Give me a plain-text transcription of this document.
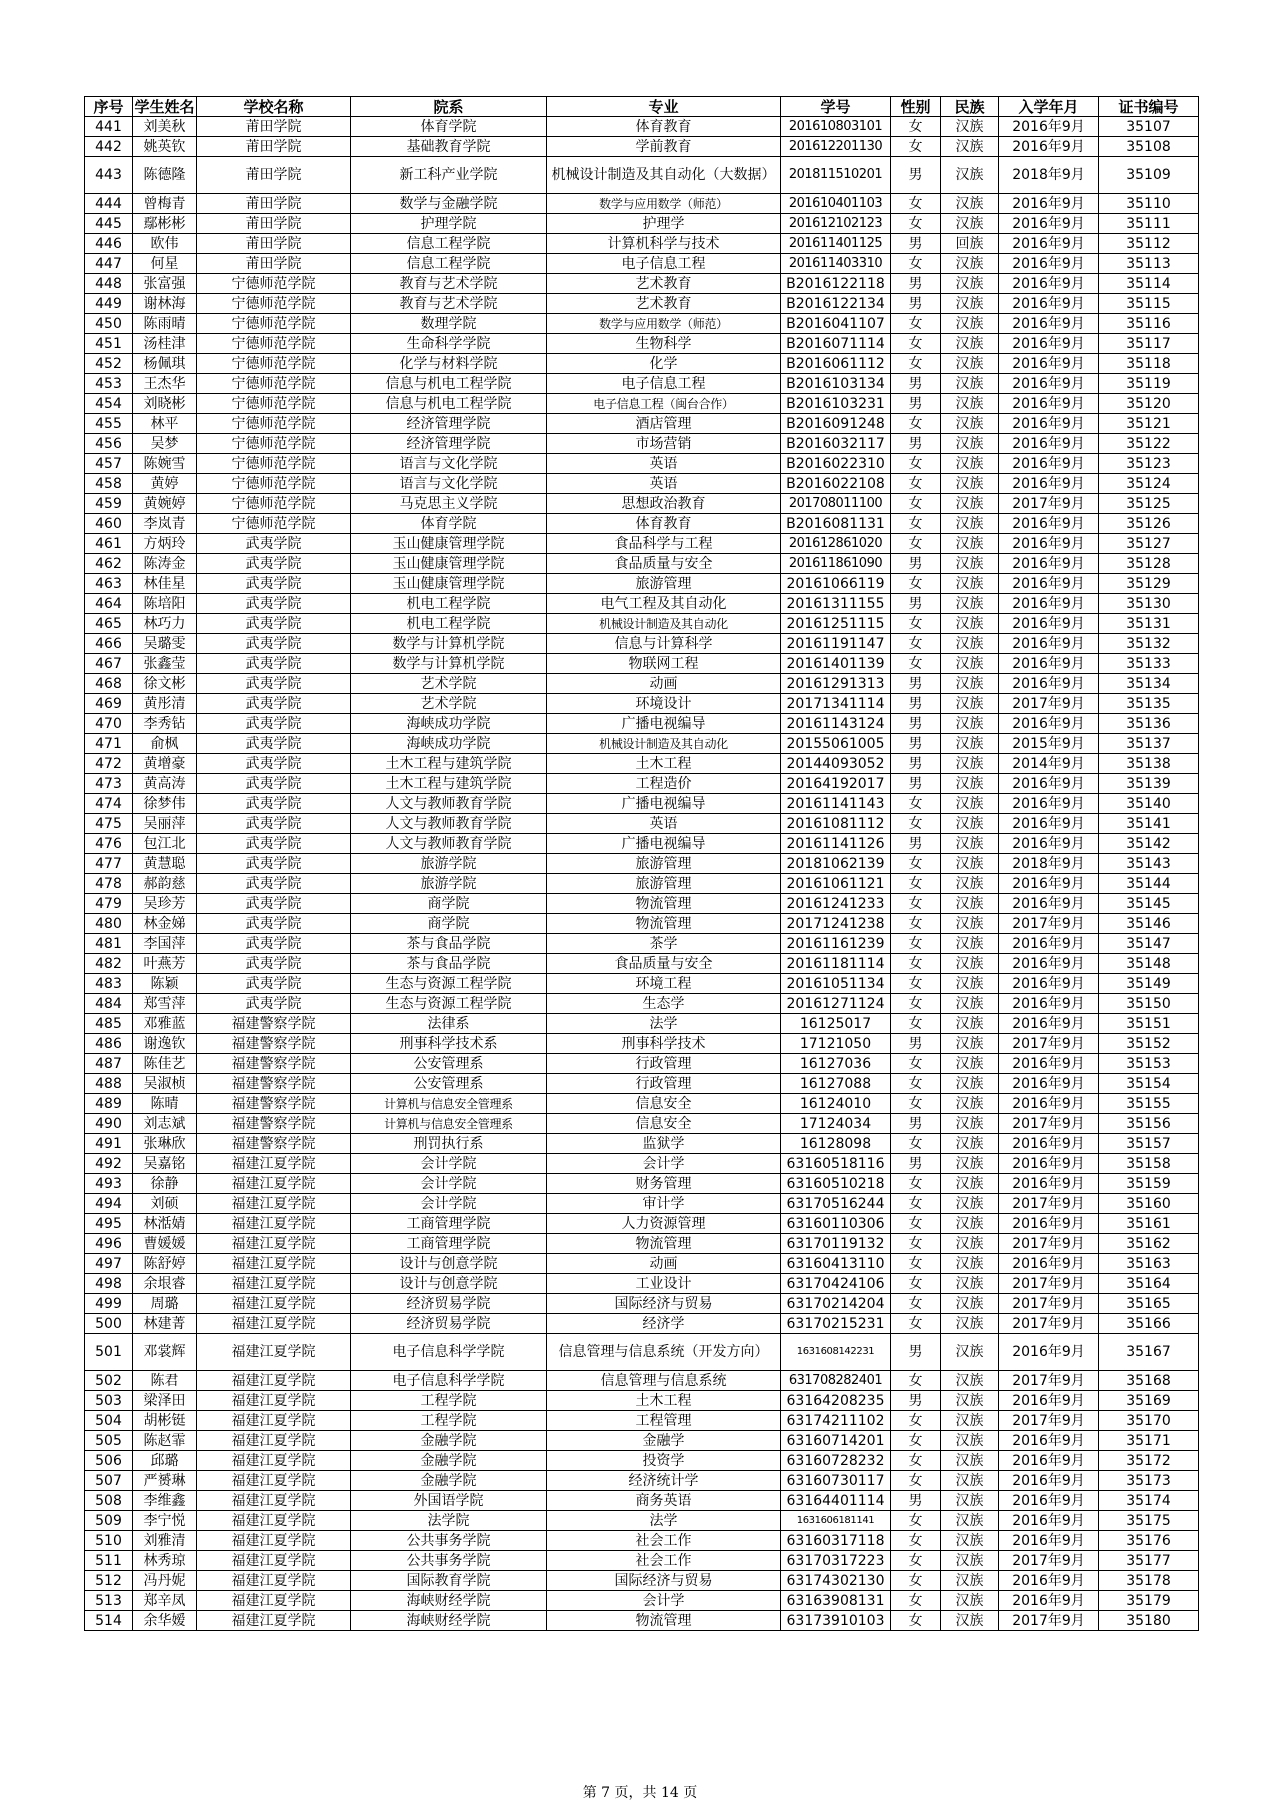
序号	学生姓名	学校名称	院系	专业	学号	性别	民族	入学年月	证书编号
441	刘美秋	莆田学院	体育学院	体育教育	201610803101	女	汉族	2016年9月	35107
442	姚英钦	莆田学院	基础教育学院	学前教育	201612201130	女	汉族	2016年9月	35108
443	陈德隆	莆田学院	新工科产业学院	机械设计制造及其自动化（大数据）	201811510201	男	汉族	2018年9月	35109
444	曾梅青	莆田学院	数学与金融学院	数学与应用数学（师范）	201610401103	女	汉族	2016年9月	35110
445	鄢彬彬	莆田学院	护理学院	护理学	201612102123	女	汉族	2016年9月	35111
446	欧伟	莆田学院	信息工程学院	计算机科学与技术	201611401125	男	回族	2016年9月	35112
447	何星	莆田学院	信息工程学院	电子信息工程	201611403310	女	汉族	2016年9月	35113
448	张富强	宁德师范学院	教育与艺术学院	艺术教育	B2016122118	男	汉族	2016年9月	35114
449	谢林海	宁德师范学院	教育与艺术学院	艺术教育	B2016122134	男	汉族	2016年9月	35115
450	陈雨晴	宁德师范学院	数理学院	数学与应用数学（师范）	B2016041107	女	汉族	2016年9月	35116
451	汤桂津	宁德师范学院	生命科学学院	生物科学	B2016071114	女	汉族	2016年9月	35117
452	杨佩琪	宁德师范学院	化学与材料学院	化学	B2016061112	女	汉族	2016年9月	35118
453	王杰华	宁德师范学院	信息与机电工程学院	电子信息工程	B2016103134	男	汉族	2016年9月	35119
454	刘晓彬	宁德师范学院	信息与机电工程学院	电子信息工程（闽台合作）	B2016103231	男	汉族	2016年9月	35120
455	林平	宁德师范学院	经济管理学院	酒店管理	B2016091248	女	汉族	2016年9月	35121
456	吴梦	宁德师范学院	经济管理学院	市场营销	B2016032117	男	汉族	2016年9月	35122
457	陈婉雪	宁德师范学院	语言与文化学院	英语	B2016022310	女	汉族	2016年9月	35123
458	黄婷	宁德师范学院	语言与文化学院	英语	B2016022108	女	汉族	2016年9月	35124
459	黄婉婷	宁德师范学院	马克思主义学院	思想政治教育	201708011100	女	汉族	2017年9月	35125
460	李岚青	宁德师范学院	体育学院	体育教育	B2016081131	女	汉族	2016年9月	35126
461	方炳玲	武夷学院	玉山健康管理学院	食品科学与工程	201612861020	女	汉族	2016年9月	35127
462	陈涛金	武夷学院	玉山健康管理学院	食品质量与安全	201611861090	男	汉族	2016年9月	35128
463	林佳星	武夷学院	玉山健康管理学院	旅游管理	20161066119	女	汉族	2016年9月	35129
464	陈培阳	武夷学院	机电工程学院	电气工程及其自动化	20161311155	男	汉族	2016年9月	35130
465	林巧力	武夷学院	机电工程学院	机械设计制造及其自动化	20161251115	女	汉族	2016年9月	35131
466	吴璐雯	武夷学院	数学与计算机学院	信息与计算科学	20161191147	女	汉族	2016年9月	35132
467	张鑫莹	武夷学院	数学与计算机学院	物联网工程	20161401139	女	汉族	2016年9月	35133
468	徐文彬	武夷学院	艺术学院	动画	20161291313	男	汉族	2016年9月	35134
469	黄彤清	武夷学院	艺术学院	环境设计	20171341114	男	汉族	2017年9月	35135
470	李秀钻	武夷学院	海峡成功学院	广播电视编导	20161143124	男	汉族	2016年9月	35136
471	俞枫	武夷学院	海峡成功学院	机械设计制造及其自动化	20155061005	男	汉族	2015年9月	35137
472	黄增豪	武夷学院	土木工程与建筑学院	土木工程	20144093052	男	汉族	2014年9月	35138
473	黄高涛	武夷学院	土木工程与建筑学院	工程造价	20164192017	男	汉族	2016年9月	35139
474	徐梦伟	武夷学院	人文与教师教育学院	广播电视编导	20161141143	女	汉族	2016年9月	35140
475	吴丽萍	武夷学院	人文与教师教育学院	英语	20161081112	女	汉族	2016年9月	35141
476	包江北	武夷学院	人文与教师教育学院	广播电视编导	20161141126	男	汉族	2016年9月	35142
477	黄慧聪	武夷学院	旅游学院	旅游管理	20181062139	女	汉族	2018年9月	35143
478	郝韵慈	武夷学院	旅游学院	旅游管理	20161061121	女	汉族	2016年9月	35144
479	吴珍芳	武夷学院	商学院	物流管理	20161241233	女	汉族	2016年9月	35145
480	林金娣	武夷学院	商学院	物流管理	20171241238	女	汉族	2017年9月	35146
481	李国萍	武夷学院	茶与食品学院	茶学	20161161239	女	汉族	2016年9月	35147
482	叶燕芳	武夷学院	茶与食品学院	食品质量与安全	20161181114	女	汉族	2016年9月	35148
483	陈颖	武夷学院	生态与资源工程学院	环境工程	20161051134	女	汉族	2016年9月	35149
484	郑雪萍	武夷学院	生态与资源工程学院	生态学	20161271124	女	汉族	2016年9月	35150
485	邓雅蓝	福建警察学院	法律系	法学	16125017	女	汉族	2016年9月	35151
486	谢逸钦	福建警察学院	刑事科学技术系	刑事科学技术	17121050	男	汉族	2017年9月	35152
487	陈佳艺	福建警察学院	公安管理系	行政管理	16127036	女	汉族	2016年9月	35153
488	吴淑桢	福建警察学院	公安管理系	行政管理	16127088	女	汉族	2016年9月	35154
489	陈晴	福建警察学院	计算机与信息安全管理系	信息安全	16124010	女	汉族	2016年9月	35155
490	刘志斌	福建警察学院	计算机与信息安全管理系	信息安全	17124034	男	汉族	2017年9月	35156
491	张琳欣	福建警察学院	刑罚执行系	监狱学	16128098	女	汉族	2016年9月	35157
492	吴嘉铭	福建江夏学院	会计学院	会计学	63160518116	男	汉族	2016年9月	35158
493	徐静	福建江夏学院	会计学院	财务管理	63160510218	女	汉族	2016年9月	35159
494	刘硕	福建江夏学院	会计学院	审计学	63170516244	女	汉族	2017年9月	35160
495	林湉婧	福建江夏学院	工商管理学院	人力资源管理	63160110306	女	汉族	2016年9月	35161
496	曹媛媛	福建江夏学院	工商管理学院	物流管理	63170119132	女	汉族	2017年9月	35162
497	陈舒婷	福建江夏学院	设计与创意学院	动画	63160413110	女	汉族	2016年9月	35163
498	余垠睿	福建江夏学院	设计与创意学院	工业设计	63170424106	女	汉族	2017年9月	35164
499	周璐	福建江夏学院	经济贸易学院	国际经济与贸易	63170214204	女	汉族	2017年9月	35165
500	林建菁	福建江夏学院	经济贸易学院	经济学	63170215231	女	汉族	2017年9月	35166
501	邓裳辉	福建江夏学院	电子信息科学学院	信息管理与信息系统（开发方向）	1631608142231	男	汉族	2016年9月	35167
502	陈君	福建江夏学院	电子信息科学学院	信息管理与信息系统	631708282401	女	汉族	2017年9月	35168
503	梁泽田	福建江夏学院	工程学院	土木工程	63164208235	男	汉族	2016年9月	35169
504	胡彬铤	福建江夏学院	工程学院	工程管理	63174211102	女	汉族	2017年9月	35170
505	陈赵霏	福建江夏学院	金融学院	金融学	63160714201	女	汉族	2016年9月	35171
506	邱璐	福建江夏学院	金融学院	投资学	63160728232	女	汉族	2016年9月	35172
507	严赟琳	福建江夏学院	金融学院	经济统计学	63160730117	女	汉族	2016年9月	35173
508	李维鑫	福建江夏学院	外国语学院	商务英语	63164401114	男	汉族	2016年9月	35174
509	李宁悦	福建江夏学院	法学院	法学	1631606181141	女	汉族	2016年9月	35175
510	刘雅清	福建江夏学院	公共事务学院	社会工作	63160317118	女	汉族	2016年9月	35176
511	林秀琼	福建江夏学院	公共事务学院	社会工作	63170317223	女	汉族	2017年9月	35177
512	冯丹妮	福建江夏学院	国际教育学院	国际经济与贸易	63174302130	女	汉族	2016年9月	35178
513	郑辛凤	福建江夏学院	海峡财经学院	会计学	63163908131	女	汉族	2016年9月	35179
514	余华嫒	福建江夏学院	海峡财经学院	物流管理	63173910103	女	汉族	2017年9月	35180
第 7 页，共 14 页
